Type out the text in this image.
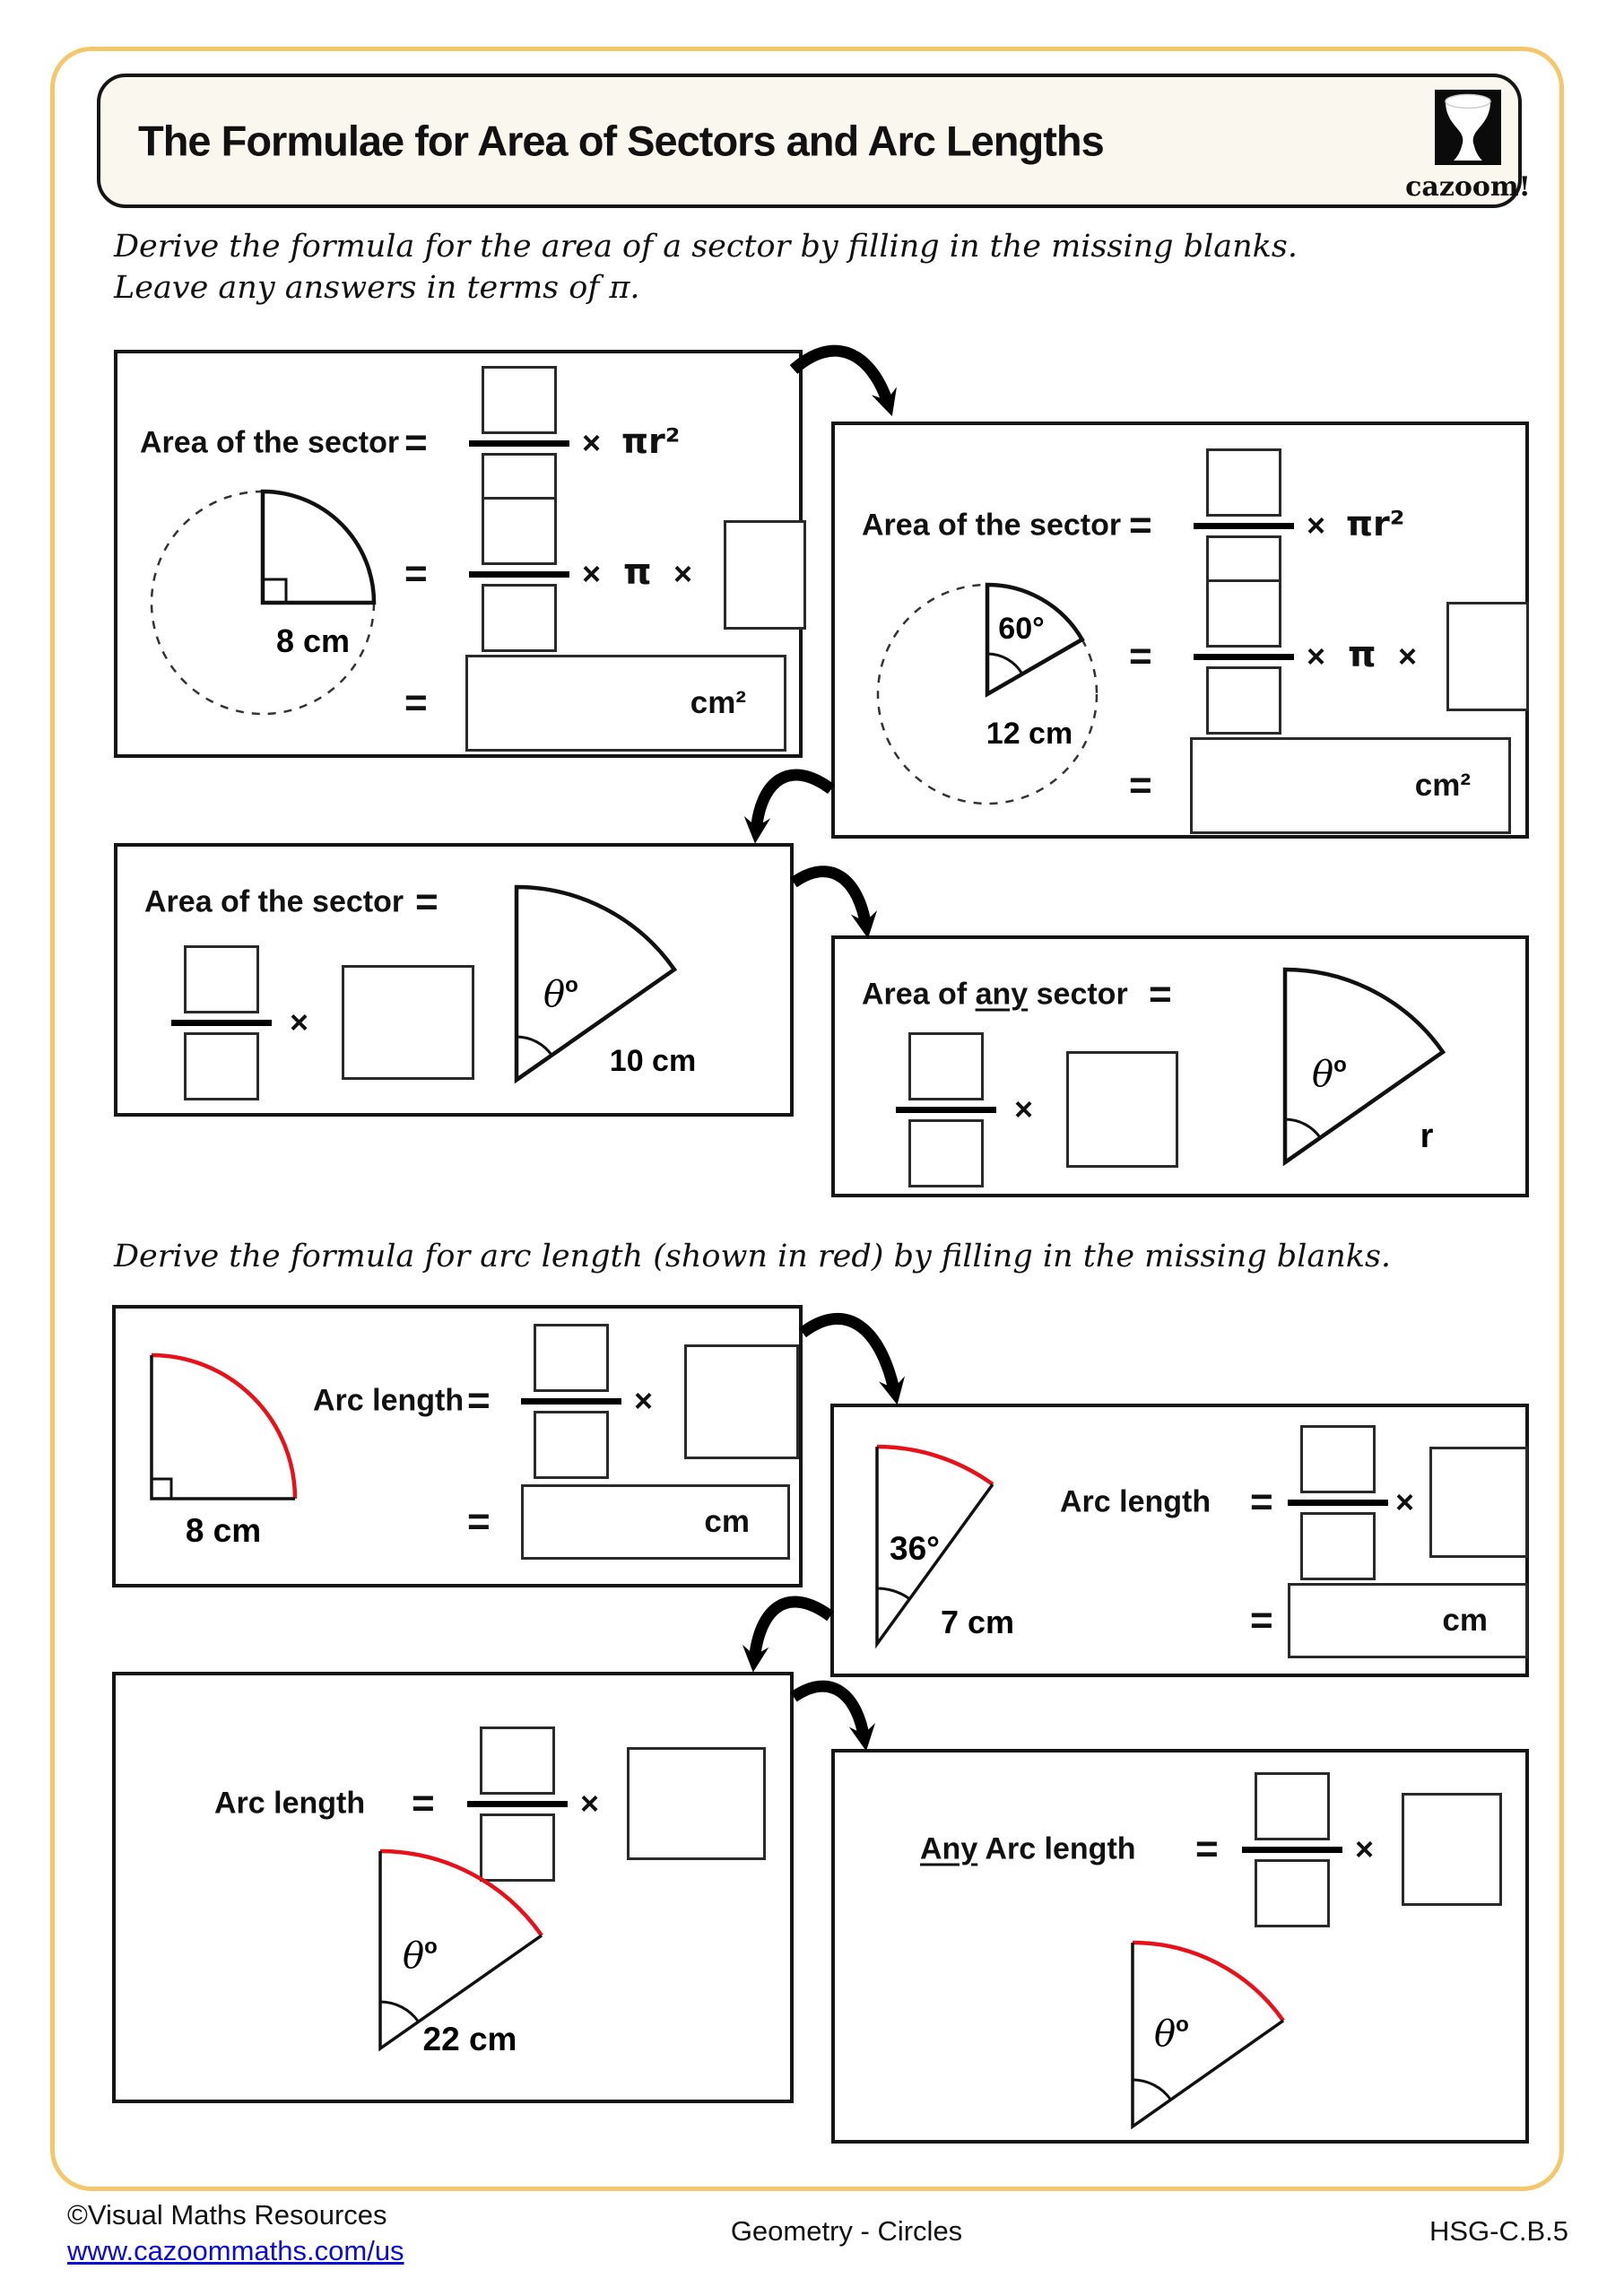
The Formulae for Area of Sectors and Arc Lengths
cazoom!
Derive the formula for the area of a sector by filling in the missing blanks.
Leave any answers in terms of π.
Area of the sector =	× πr²
8 cm
=	× π ×
=	cm²
Area of the sector =	× πr²
60°
12 cm
=	× π ×
=	cm²
Area of the sector =
×
$\theta^o$
10 cm
Area of any sector =
×
$\theta^o$
r
Derive the formula for arc length (shown in red) by filling in the missing blanks.
8 cm
Arc length =	×
=	cm
36°
7 cm
Arc length =	×
=	cm
Arc length =	×
$\theta^o$
22 cm
Any Arc length =	×
$\theta^o$
©Visual Maths Resources
www.cazoommaths.com/us
Geometry - Circles	HSG-C.B.5
